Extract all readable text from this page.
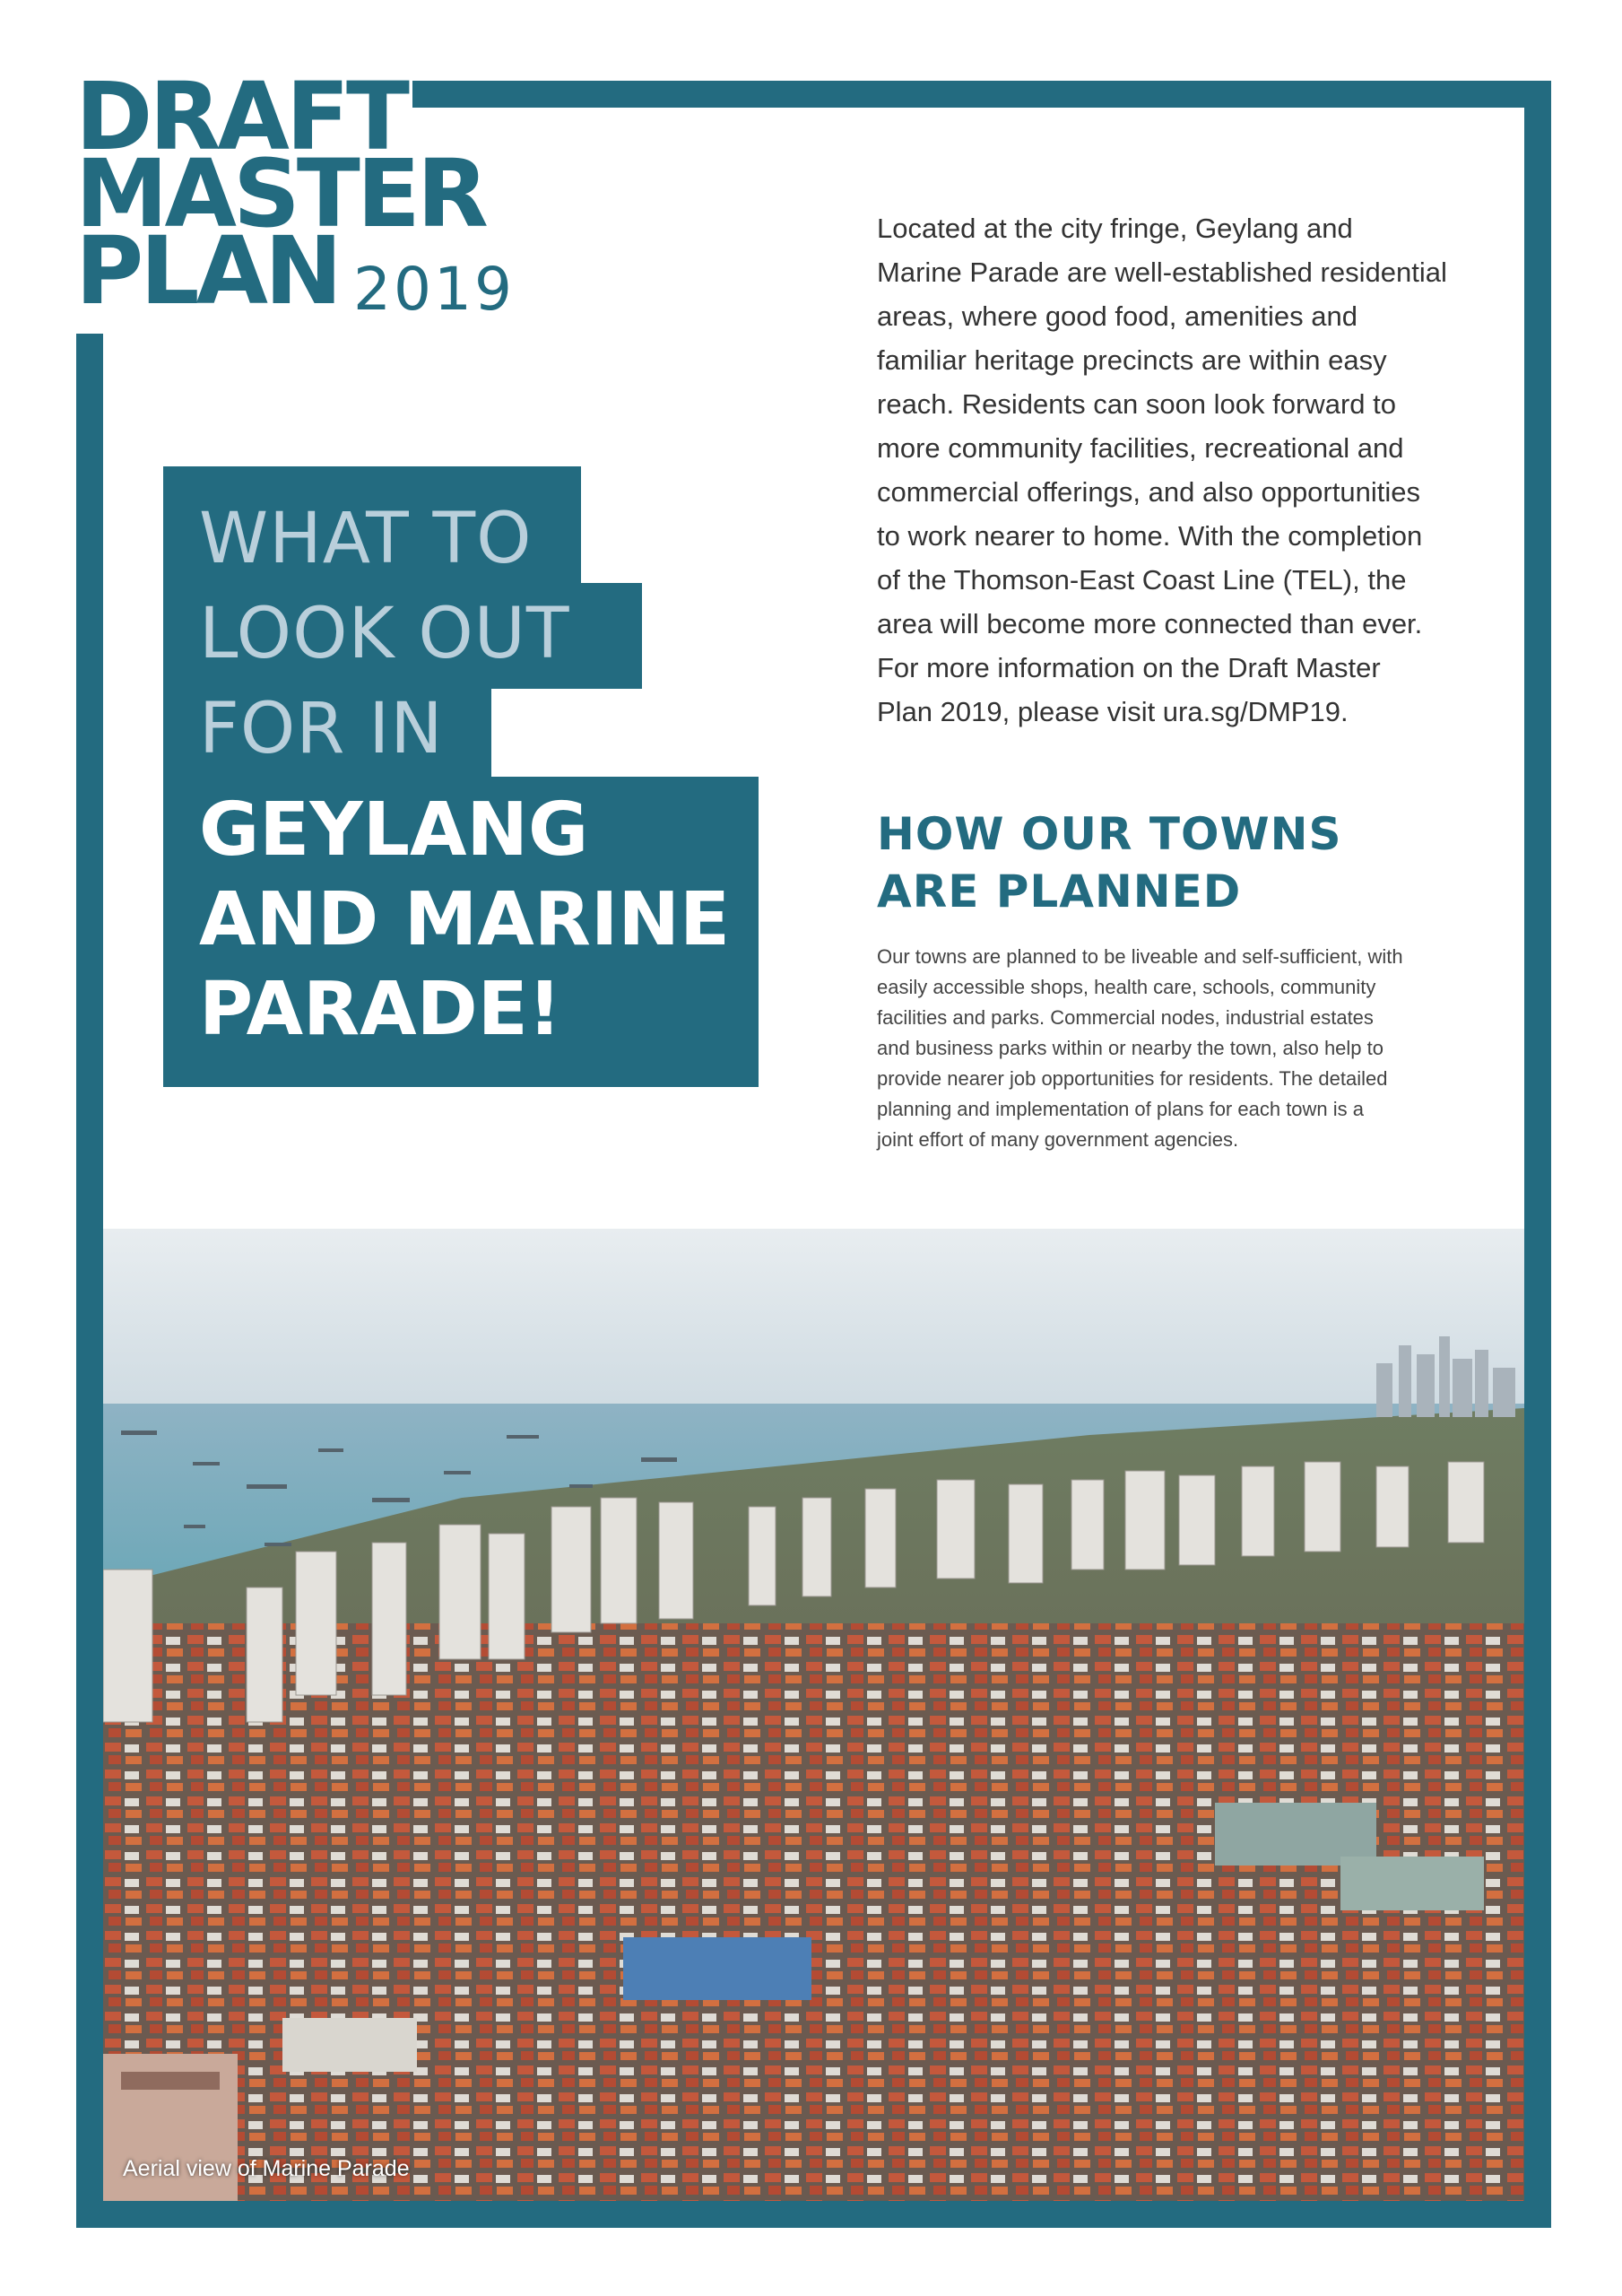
DRAFT
MASTER
PLAN 2019
WHAT TO
LOOK OUT
FOR IN
GEYLANG
AND MARINE
PARADE!
Located at the city fringe, Geylang and
Marine Parade are well-established residential
areas, where good food, amenities and
familiar heritage precincts are within easy
reach. Residents can soon look forward to
more community facilities, recreational and
commercial offerings, and also opportunities
to work nearer to home. With the completion
of the Thomson-East Coast Line (TEL), the
area will become more connected than ever.
For more information on the Draft Master
Plan 2019, please visit ura.sg/DMP19.
HOW OUR TOWNS
ARE PLANNED
Our towns are planned to be liveable and self-sufficient, with
easily accessible shops, health care, schools, community
facilities and parks. Commercial nodes, industrial estates
and business parks within or nearby the town, also help to
provide nearer job opportunities for residents. The detailed
planning and implementation of plans for each town is a
joint effort of many government agencies.
Aerial view of Marine Parade
